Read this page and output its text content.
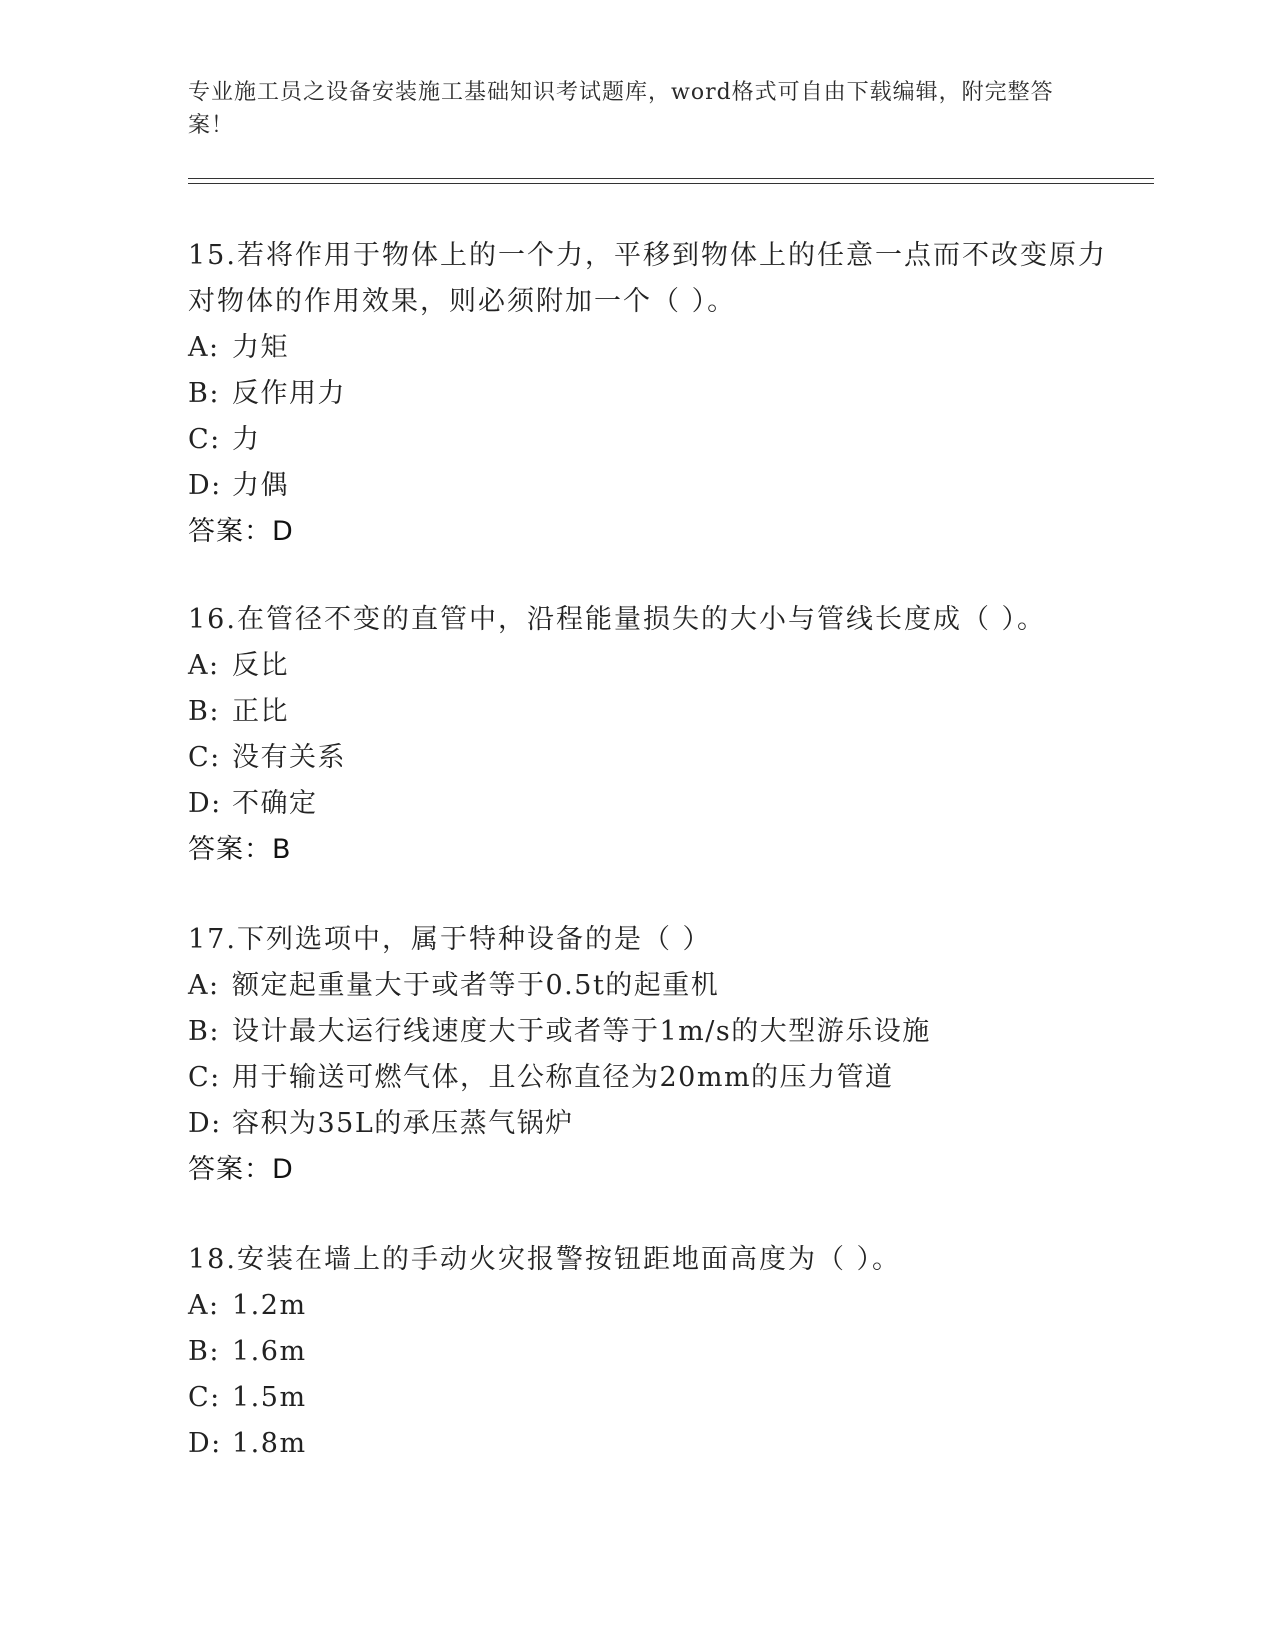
专业施工员之设备安装施工基础知识考试题库，word格式可自由下载编辑，附完整答案！
15.若将作用于物体上的一个力，平移到物体上的任意一点而不改变原力对物体的作用效果，则必须附加一个（ ）。
A: 力矩
B: 反作用力
C: 力
D: 力偶
答案：D
16.在管径不变的直管中，沿程能量损失的大小与管线长度成（ ）。
A: 反比
B: 正比
C: 没有关系
D: 不确定
答案：B
17.下列选项中，属于特种设备的是（ ）
A: 额定起重量大于或者等于0.5t的起重机
B: 设计最大运行线速度大于或者等于1m/s的大型游乐设施
C: 用于输送可燃气体，且公称直径为20mm的压力管道
D: 容积为35L的承压蒸气锅炉
答案：D
18.安装在墙上的手动火灾报警按钮距地面高度为（ ）。
A: 1.2m
B: 1.6m
C: 1.5m
D: 1.8m
